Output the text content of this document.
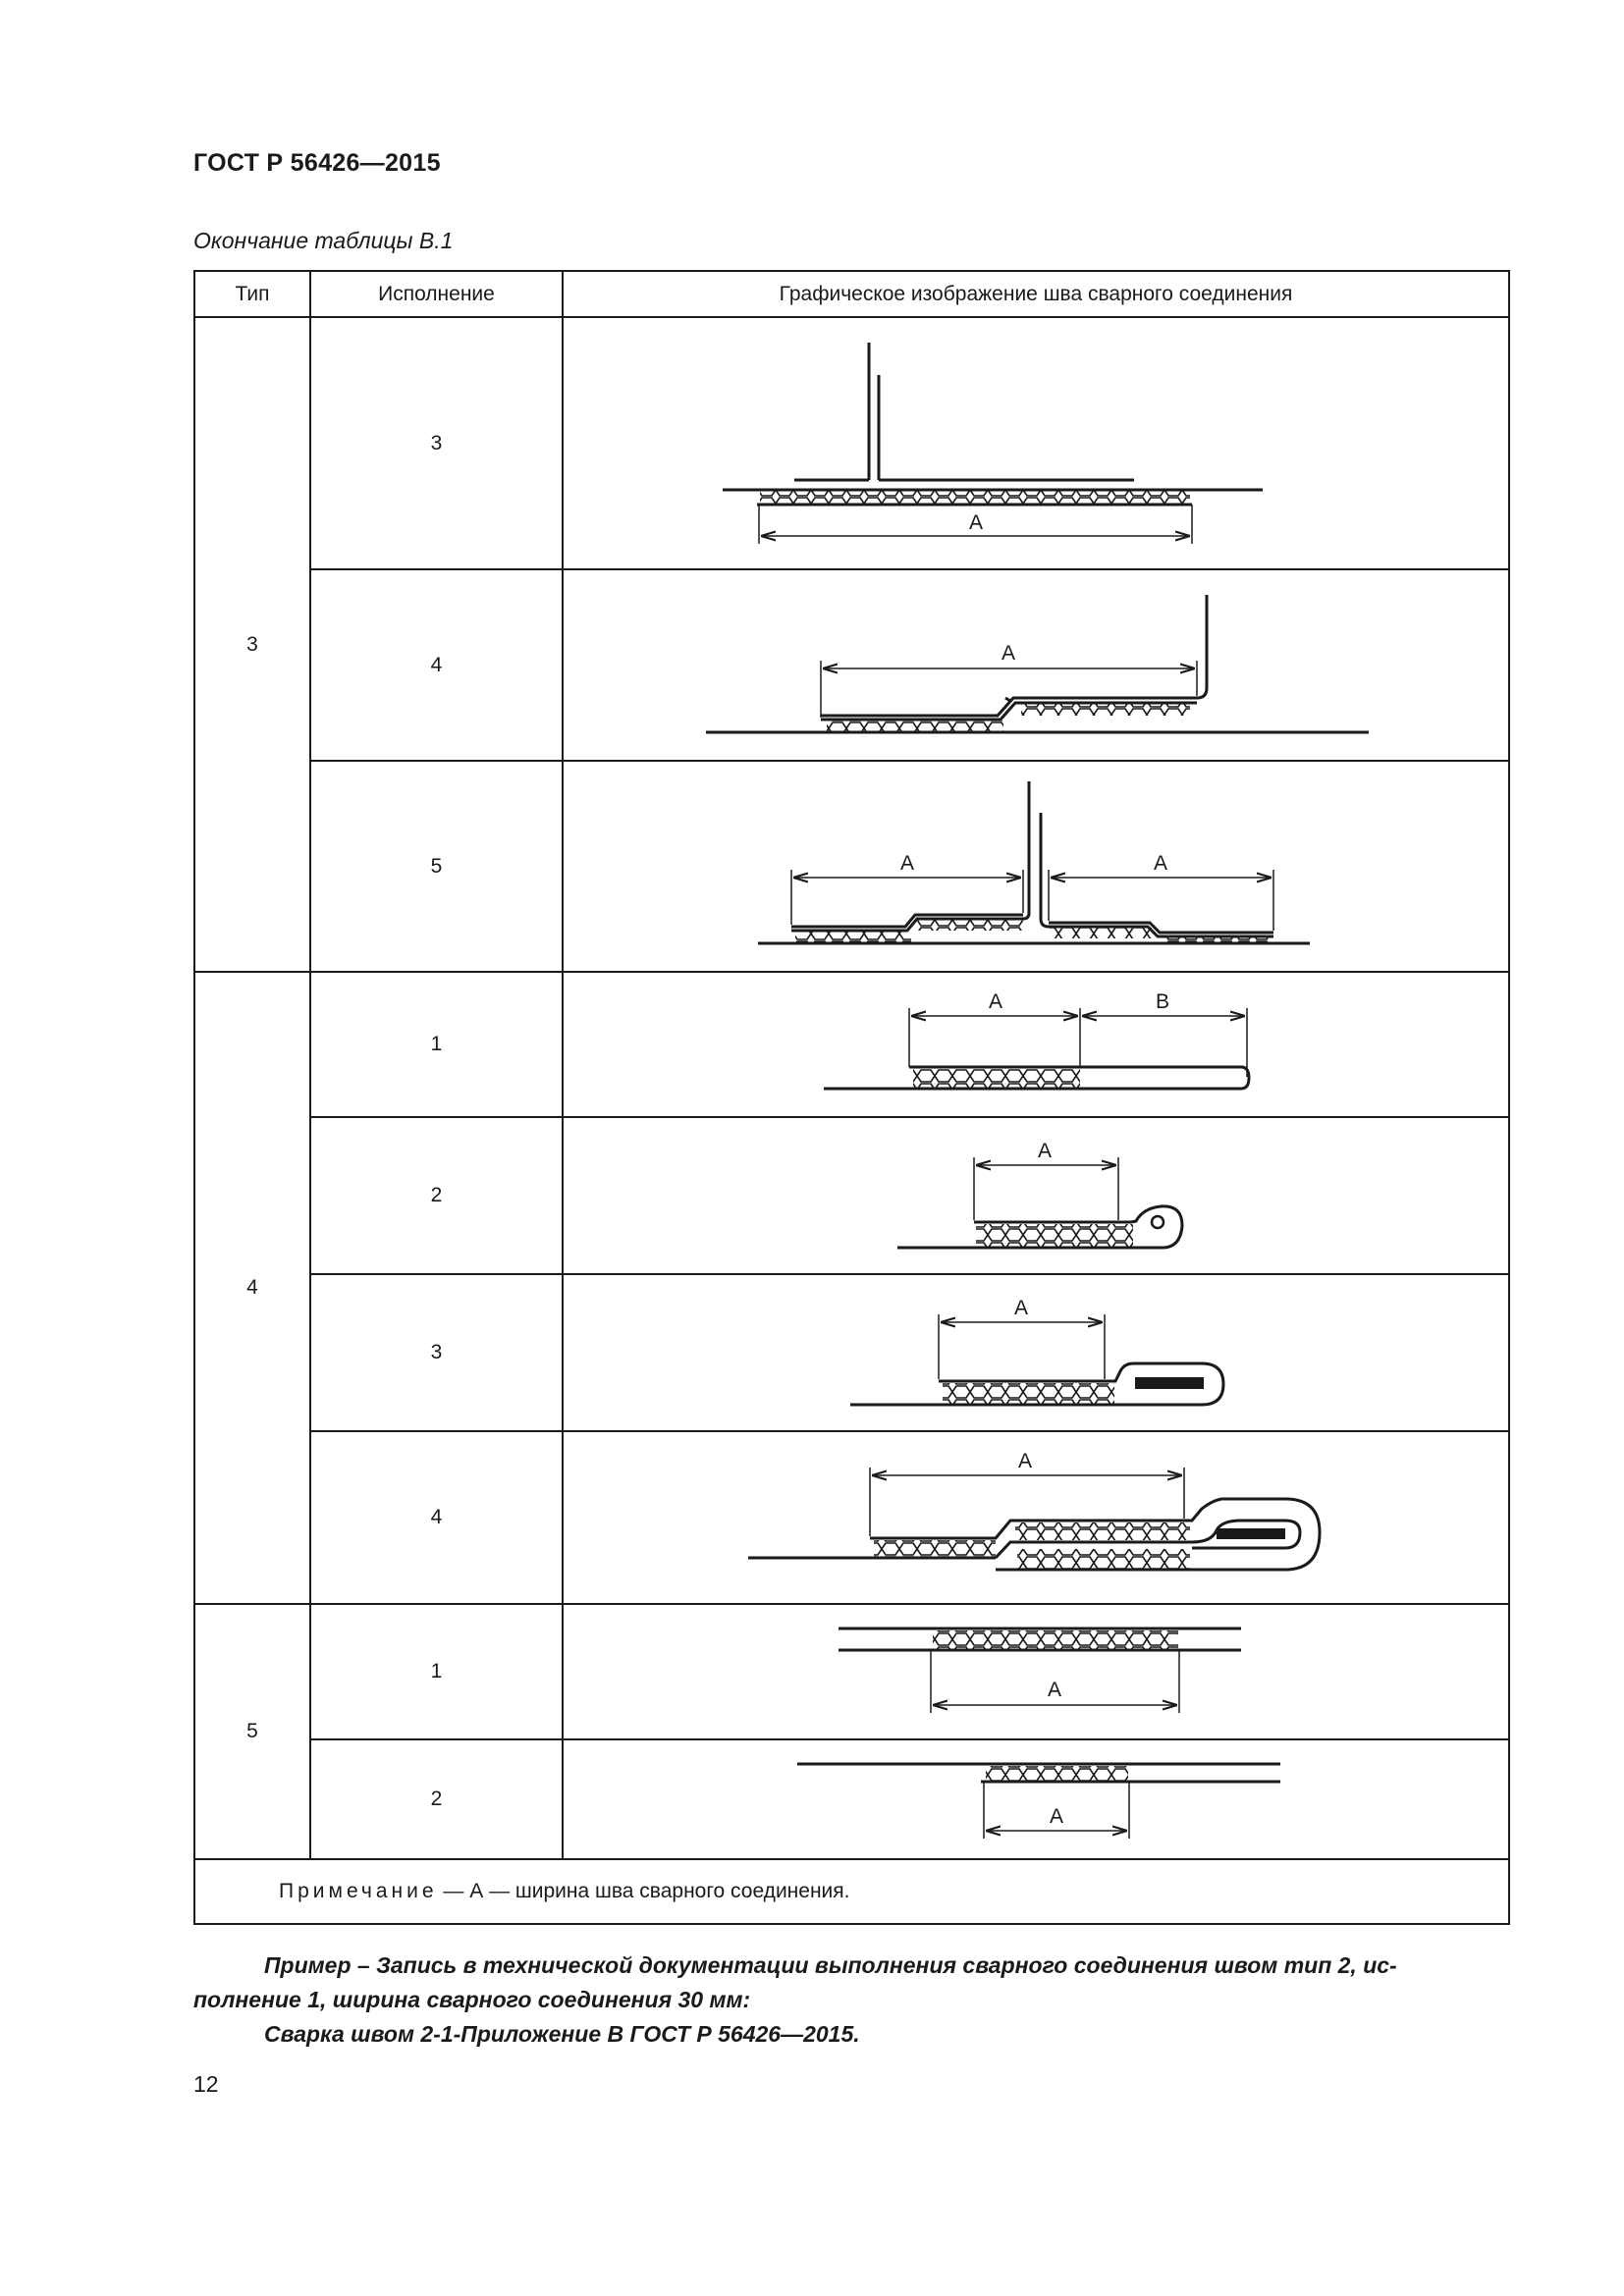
ГОСТ Р 56426—2015
Окончание таблицы В.1
Тип	Исполнение	Графическое изображение шва сварного соединения
3	3	А

	4	А

	5	А А

4	1	А В

	2	А

	3	А

	4	А

5	1	А

	2	А

Примечание — А — ширина шва сварного соединения.		

Пример – Запись в технической документации выполнения сварного соединения швом тип 2, ис-

полнение 1, ширина сварного соединения 30 мм:

Сварка швом 2-1-Приложение В ГОСТ Р 56426—2015.

12
